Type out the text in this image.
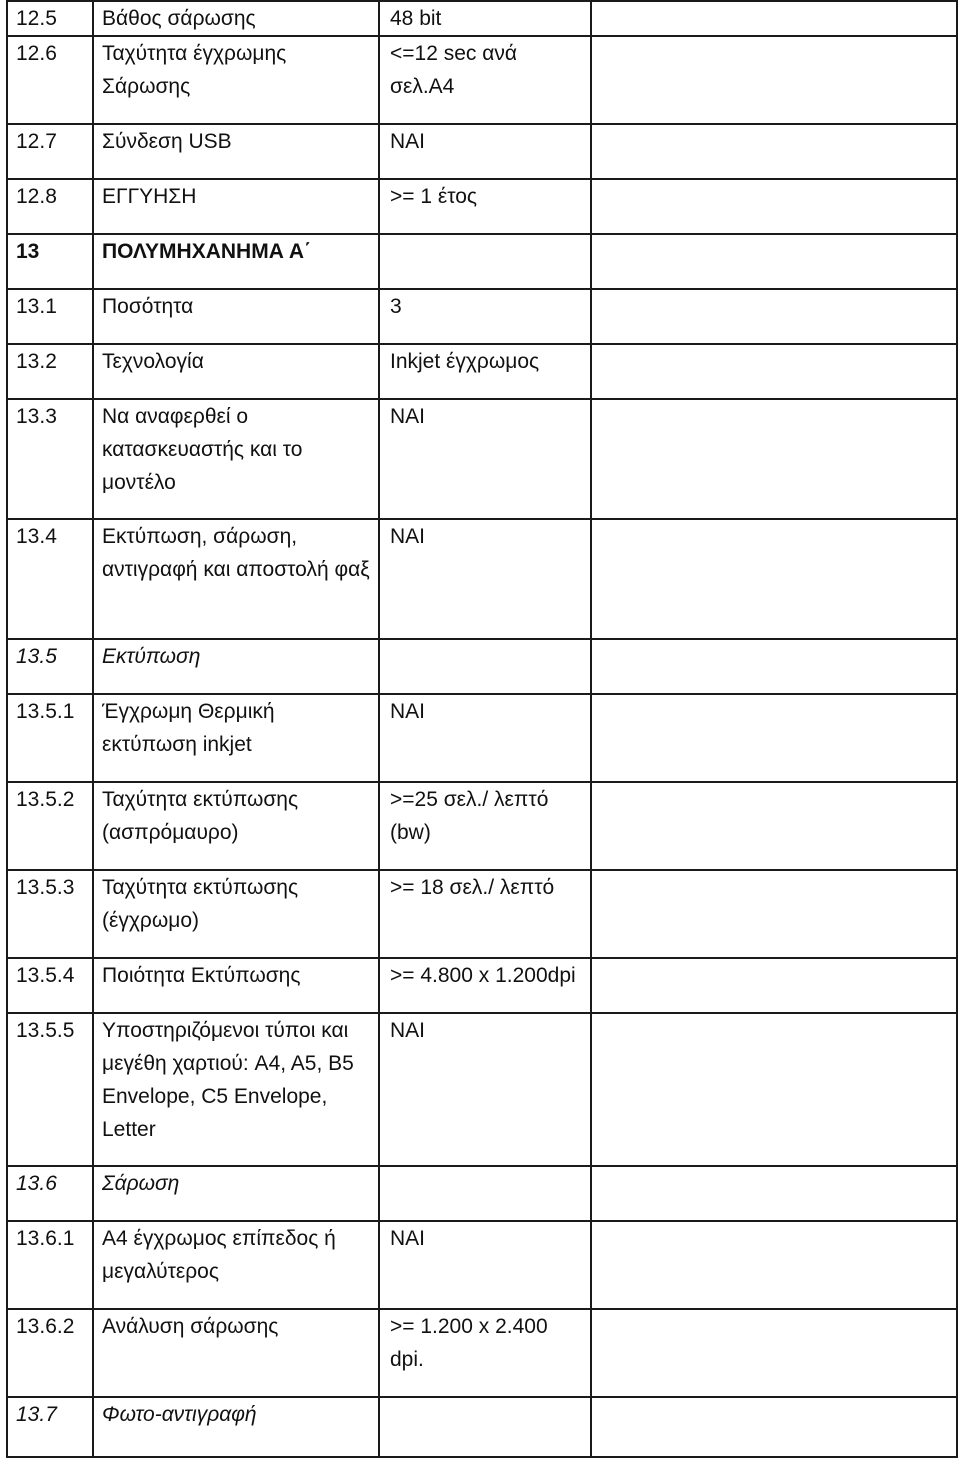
12.5	Βάθος σάρωσης	48 bit	
12.6	Ταχύτητα έγχρωμης Σάρωσης	<=12 sec ανά σελ.Α4	
12.7	Σύνδεση USB	ΝΑΙ	
12.8	ΕΓΓΥΗΣΗ	>= 1 έτος	
13	ΠΟΛΥΜΗΧΑΝΗΜΑ Α΄		
13.1	Ποσότητα	3	
13.2	Τεχνολογία	Inkjet έγχρωμος	
13.3	Να αναφερθεί ο κατασκευαστής και το μοντέλο	ΝΑΙ	
13.4	Εκτύπωση, σάρωση, αντιγραφή και αποστολή φαξ	ΝΑΙ	
13.5	Εκτύπωση		
13.5.1	Έγχρωμη Θερμική εκτύπωση inkjet	ΝΑΙ	
13.5.2	Ταχύτητα εκτύπωσης (ασπρόμαυρο)	>=25 σελ./ λεπτό (bw)	
13.5.3	Ταχύτητα εκτύπωσης (έγχρωμο)	>= 18 σελ./ λεπτό	
13.5.4	Ποιότητα Εκτύπωσης	>= 4.800 x 1.200dpi	
13.5.5	Υποστηριζόμενοι τύποι και μεγέθη χαρτιού: A4, A5, B5 Envelope, C5 Envelope, Letter	ΝΑΙ	
13.6	Σάρωση		
13.6.1	A4 έγχρωμος επίπεδος ή μεγαλύτερος	ΝΑΙ	
13.6.2	Ανάλυση σάρωσης	>= 1.200 x 2.400 dpi.	
13.7	Φωτο-αντιγραφή		
